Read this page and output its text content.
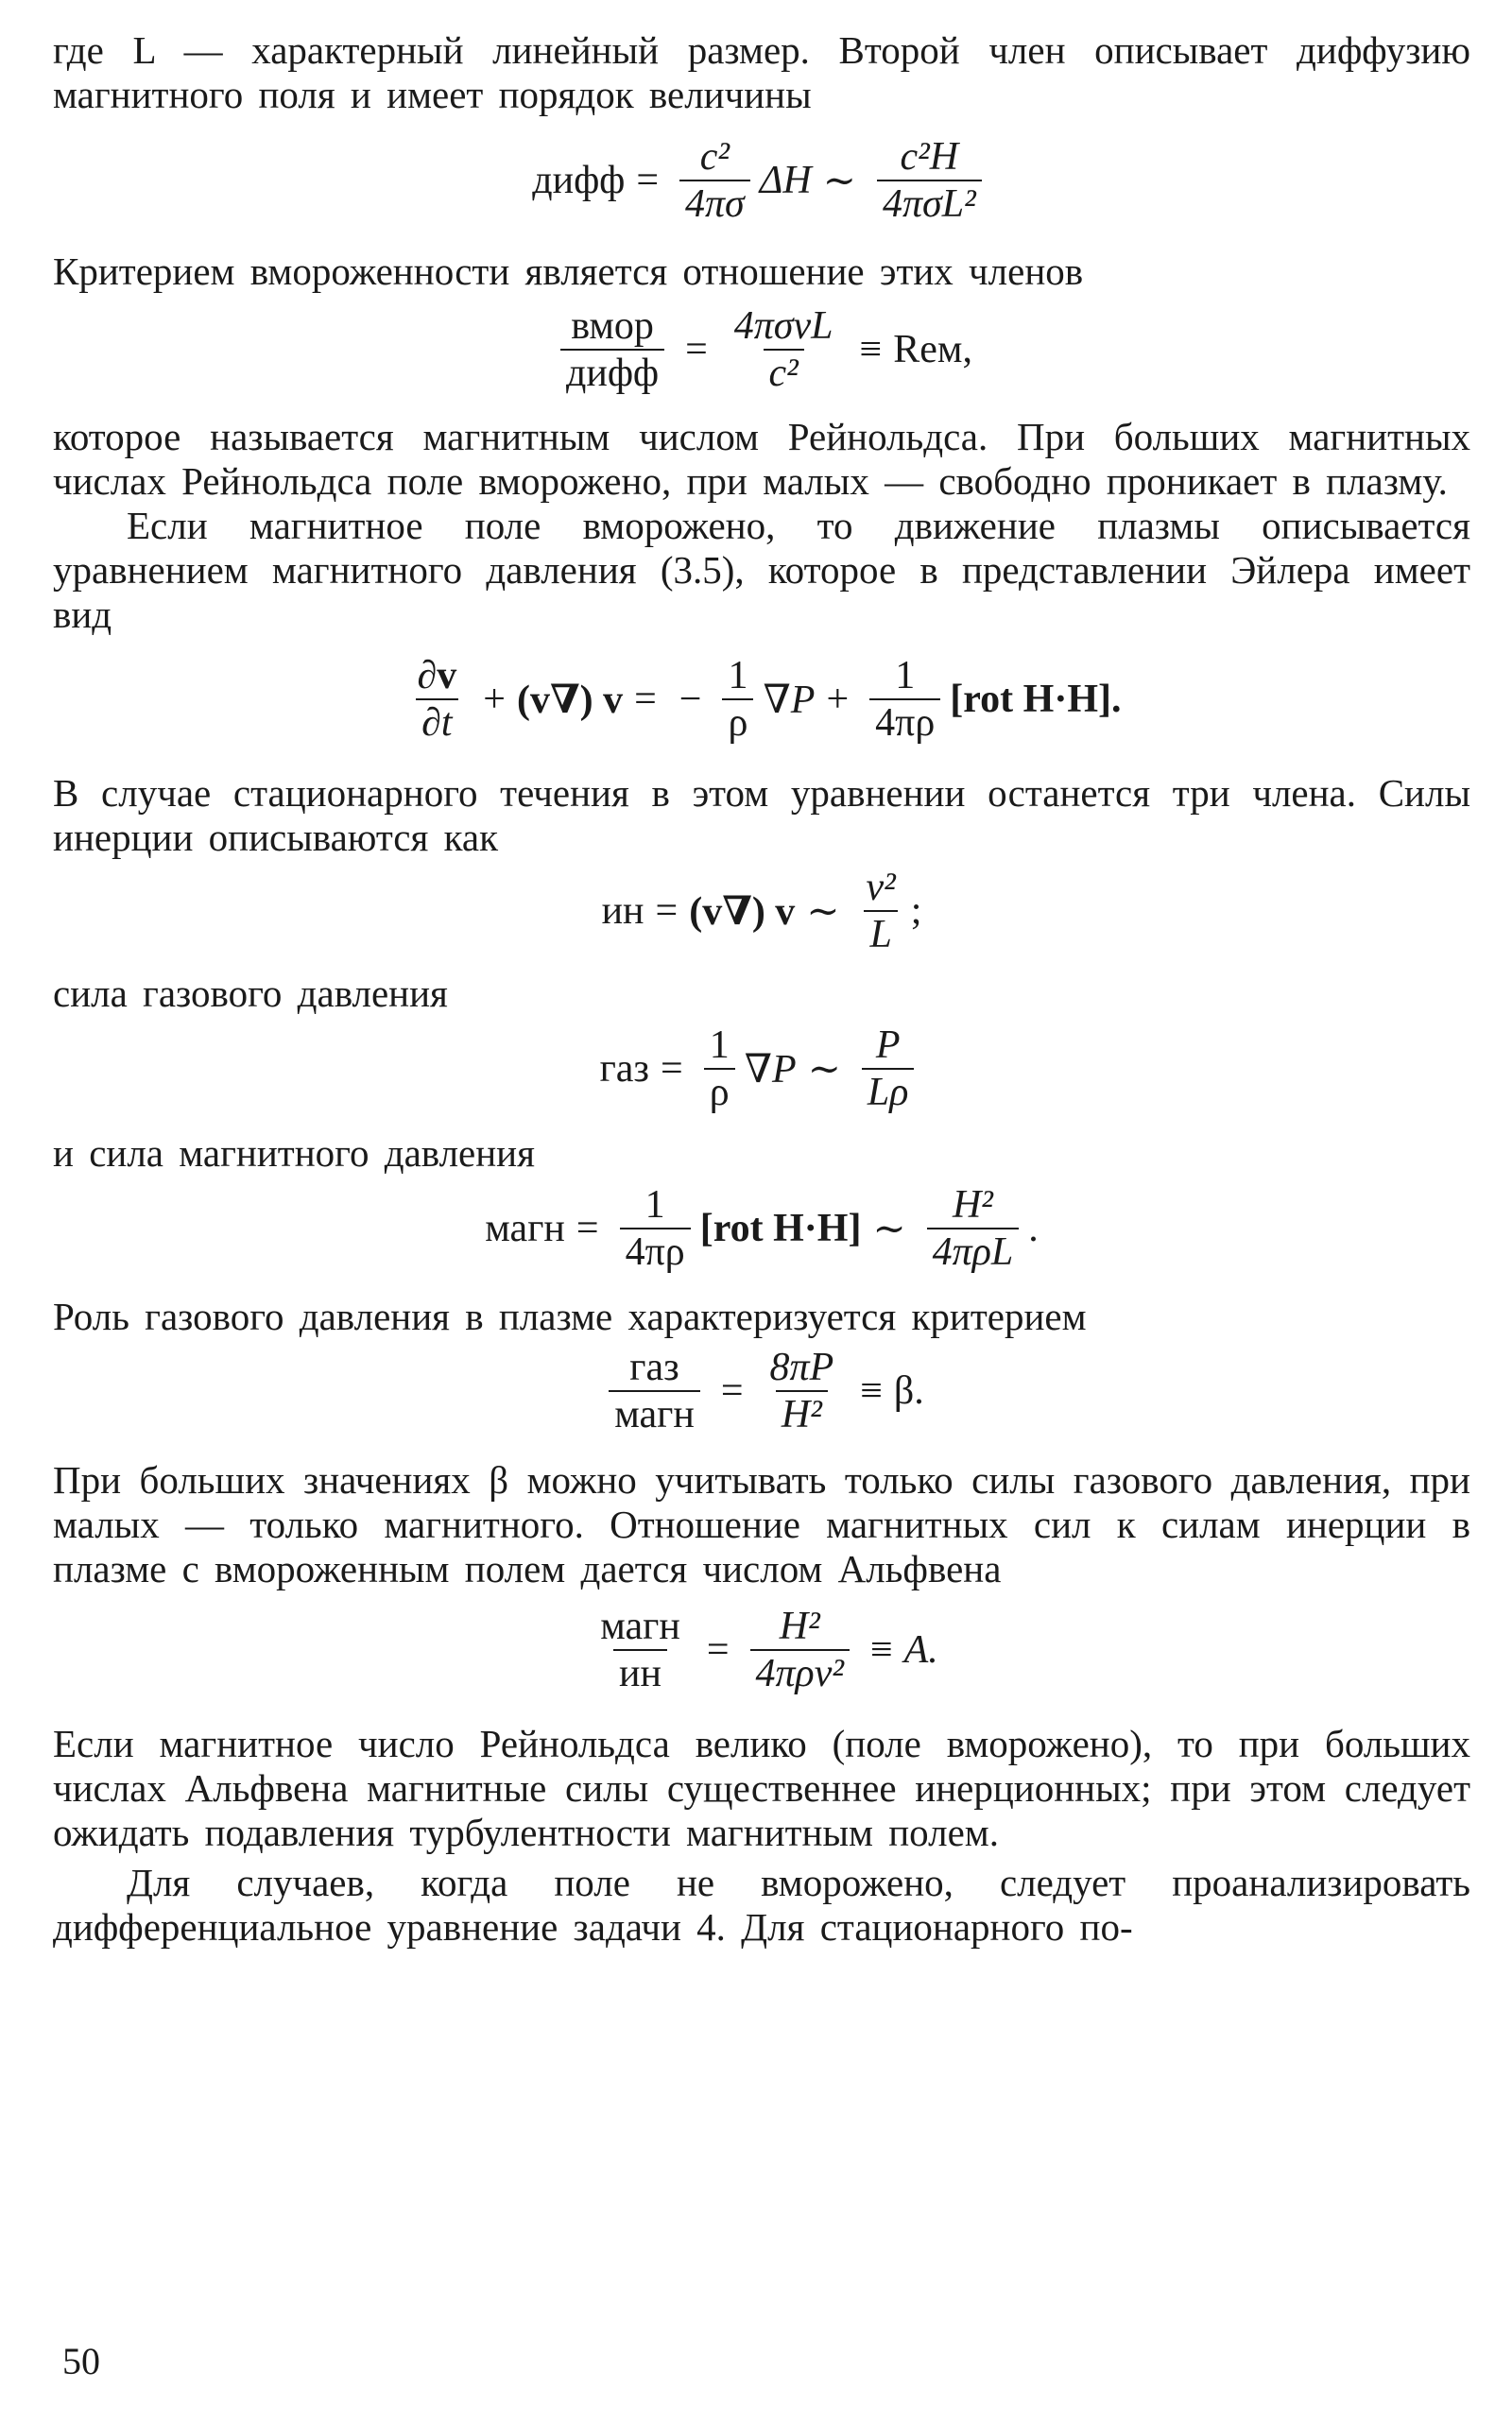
где L — характерный линейный размер. Второй член описывает диффузию магнитного поля и имеет порядок величины

дифф = $\frac{\text{c²}}{4\pi\sigma}$ ΔH ∼ $\frac{\text{c²H}}{\text{4πσL²}}$

Критерием вмороженности является отношение этих членов

$\frac{\text{вмор}}{\text{дифф}} = \frac{\text{4πσvL}}{\text{c²}}$ ≡ Reм,

которое называется магнитным числом Рейнольдса. При больших магнитных числах Рейнольдса поле вморожено, при малых — свободно проникает в плазму.

Если магнитное поле вморожено, то движение плазмы описывается уравнением магнитного давления (3.5), которое в представлении Эйлера имеет вид

$\frac{\partial v}{\partial t} + (v\nabla) v$ = − $\frac{1}{\rho} \nabla P + \frac{1}{4\pi\rho} [rot$ H·H].

В случае стационарного течения в этом уравнении останется три члена. Силы инерции описываются как

ин = (v∇) v ∼ $\frac{\text{v²}}{L}$ ;

сила газового давления

газ = $\frac{1}{\rho} \nabla P$ ∼ $\frac{P}{L\rho}$

и сила магнитного давления

магн = $\frac{1}{4\pi\rho} [rot$ H·H] ∼ $\frac{\text{H²}}{\text{4πρL}}$ .

Роль газового давления в плазме характеризуется критерием

$\frac{\text{газ}}{\text{магн}} = \frac{8\pi P}{\text{H²}} \equiv \beta$.

При больших значениях β можно учитывать только силы газового давления, при малых — только магнитного. Отношение магнитных сил к силам инерции в плазме с вмороженным полем дается числом Альфвена

$\frac{\text{магн}}{ин} = \frac{\text{H²}}{\text{4πρv²}} \equiv A$.

Если магнитное число Рейнольдса велико (поле вморожено), то при больших числах Альфвена магнитные силы существеннее инерционных; при этом следует ожидать подавления турбулентности магнитным полем.

Для случаев, когда поле не вморожено, следует проанализировать дифференциальное уравнение задачи 4. Для стационарного по-

50
